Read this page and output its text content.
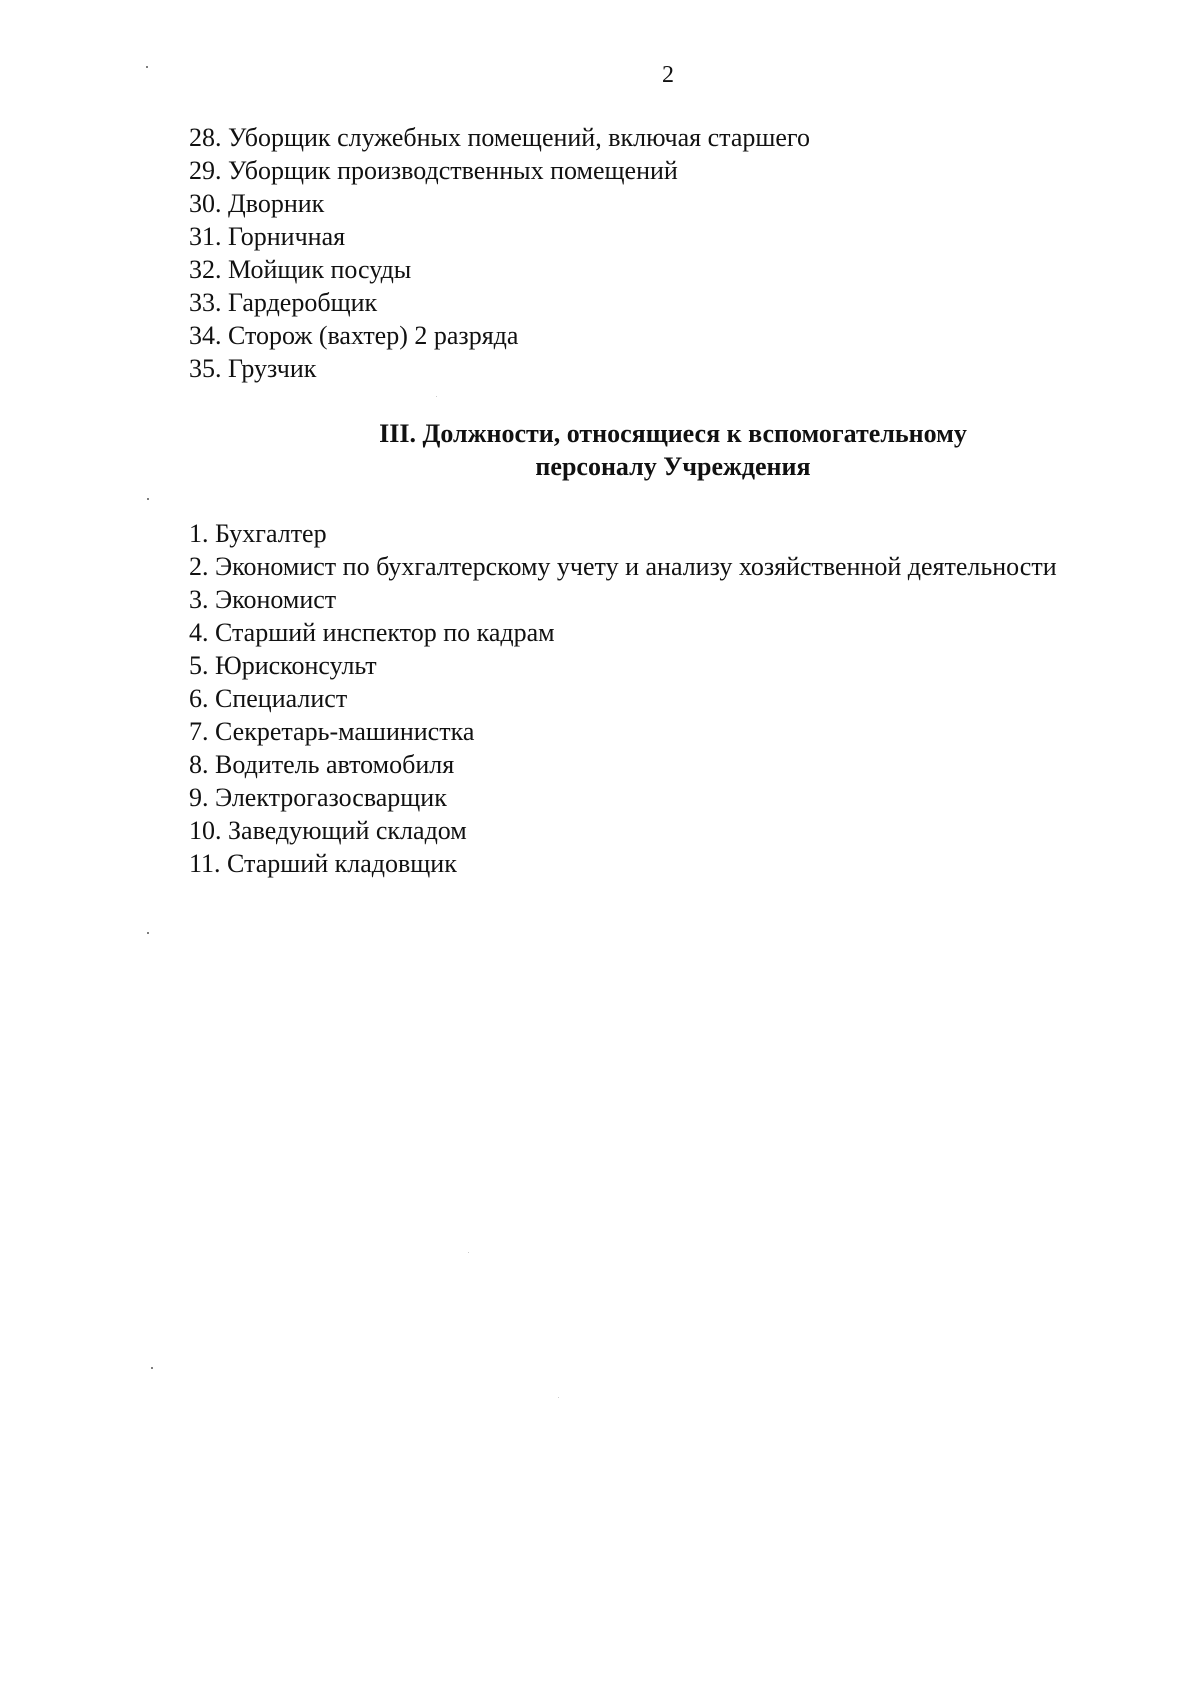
2
28. Уборщик служебных помещений, включая старшего
29. Уборщик производственных помещений
30. Дворник
31. Горничная
32. Мойщик посуды
33. Гардеробщик
34. Сторож (вахтер) 2 разряда
35. Грузчик
III. Должности, относящиеся к вспомогательному
персоналу Учреждения
1. Бухгалтер
2. Экономист по бухгалтерскому учету и анализу хозяйственной деятельности
3. Экономист
4. Старший инспектор по кадрам
5. Юрисконсульт
6. Специалист
7. Секретарь-машинистка
8. Водитель автомобиля
9. Электрогазосварщик
10. Заведующий складом
11. Старший кладовщик
